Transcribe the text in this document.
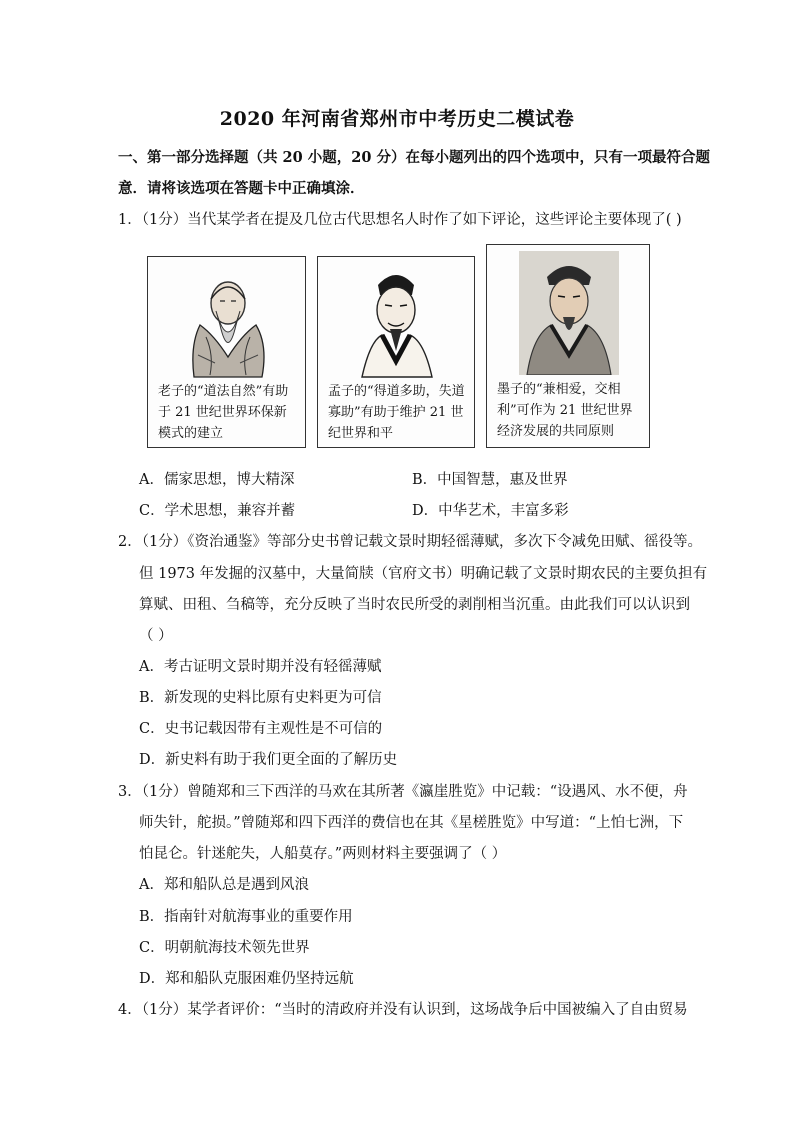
2020 年河南省郑州市中考历史二模试卷
一、第一部分选择题（共 20 小题，20 分）在每小题列出的四个选项中，只有一项最符合题
意．请将该选项在答题卡中正确填涂．
1．（1分）当代某学者在提及几位古代思想名人时作了如下评论，这些评论主要体现了( )
老子的“道法自然”有助
于 21 世纪世界环保新
模式的建立
孟子的“得道多助，失道
寡助”有助于维护 21 世
纪世界和平
墨子的“兼相爱，交相
利”可作为 21 世纪世界
经济发展的共同原则
A．儒家思想，博大精深	B．中国智慧，惠及世界
C．学术思想，兼容并蓄	D．中华艺术，丰富多彩
2．（1分）《资治通鉴》等部分史书曾记载文景时期轻徭薄赋，多次下令减免田赋、徭役等。
但 1973 年发掘的汉墓中，大量简牍（官府文书）明确记载了文景时期农民的主要负担有
算赋、田租、刍稿等，充分反映了当时农民所受的剥削相当沉重。由此我们可以认识到
（ ）
A．考古证明文景时期并没有轻徭薄赋
B．新发现的史料比原有史料更为可信
C．史书记载因带有主观性是不可信的
D．新史料有助于我们更全面的了解历史
3．（1分）曾随郑和三下西洋的马欢在其所著《瀛崖胜览》中记载：“设遇风、水不便，舟
师失针，舵损。”曾随郑和四下西洋的费信也在其《星槎胜览》中写道：“上怕七洲，下
怕昆仑。针迷舵失，人船莫存。”两则材料主要强调了（ ）
A．郑和船队总是遇到风浪
B．指南针对航海事业的重要作用
C．明朝航海技术领先世界
D．郑和船队克服困难仍坚持远航
4．（1分）某学者评价：“当时的清政府并没有认识到，这场战争后中国被编入了自由贸易
